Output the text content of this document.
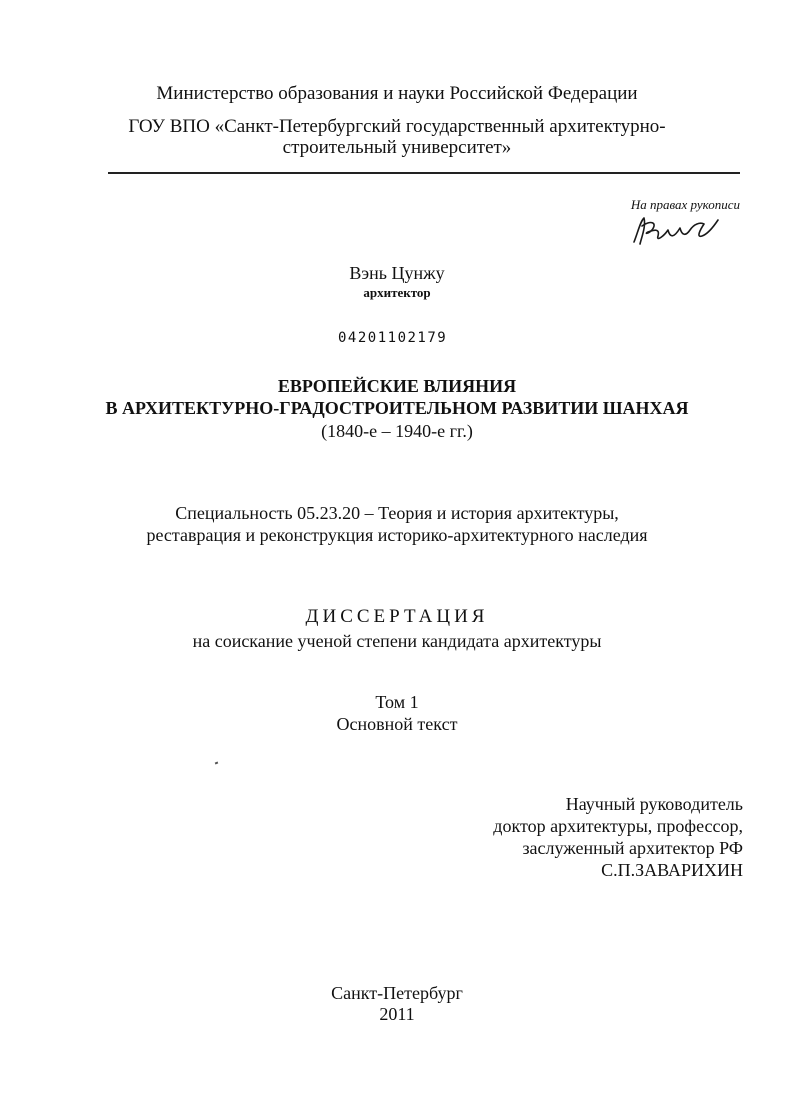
Министерство образования и науки Российской Федерации
ГОУ ВПО «Санкт-Петербургский государственный архитектурно-
строительный университет»
На правах рукописи
Вэнь Цунжу
архитектор
04201102179
ЕВРОПЕЙСКИЕ ВЛИЯНИЯ
В АРХИТЕКТУРНО-ГРАДОСТРОИТЕЛЬНОМ РАЗВИТИИ ШАНХАЯ
(1840-е – 1940-е гг.)
Специальность 05.23.20 – Теория и история архитектуры,
реставрация и реконструкция историко-архитектурного наследия
ДИССЕРТАЦИЯ
на соискание ученой степени кандидата архитектуры
Том 1
Основной текст
Научный руководитель
доктор архитектуры, профессор,
заслуженный архитектор РФ
С.П.ЗАВАРИХИН
Санкт-Петербург
2011
